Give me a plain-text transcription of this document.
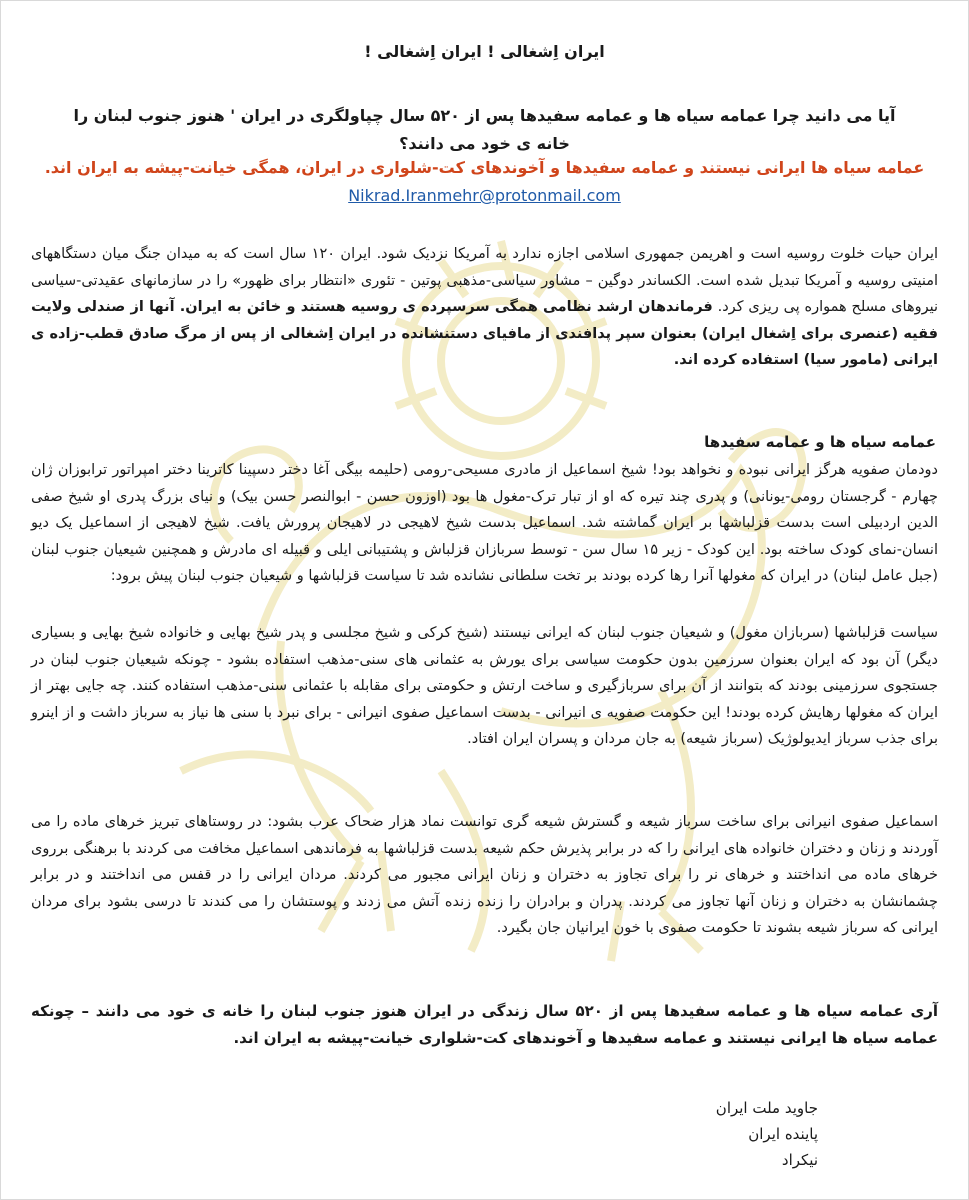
ایران اِشغالی ! ایران اِشغالی !
آیا می دانید چرا عمامه سیاه ها و عمامه سفیدها پس از ۵۲۰ سال چپاولگری در ایران ' هنوز جنوب لبنان را خانه ی خود می دانند؟
عمامه سیاه ها ایرانی نیستند و عمامه سفیدها و آخوندهای کت-شلواری در ایران، همگی خیانت-پیشه به ایران اند.
Nikrad.Iranmehr@protonmail.com
ایران حیات خلوت روسیه است و اهریمن جمهوری اسلامی اجازه ندارد به آمریکا نزدیک شود. ایران ۱۲۰ سال است که به میدان جنگ میان دستگاههای امنیتی روسیه و آمریکا تبدیل شده است. الکساندر دوگین – مشاور سیاسی-مذهبی پوتین - تئوری «انتظار برای ظهور» را در سازمانهای عقیدتی-سیاسی نیروهای مسلح همواره پی ریزی کرد. فرماندهان ارشد نظامی همگی سرسپرده ی روسیه هستند و خائن به ایران. آنها از صندلی ولایت فقیه (عنصری برای اِشغال ایران) بعنوان سپر پدافندی از مافیای دستنشانده در ایران اِشغالی از پس از مرگ صادق قطب-زاده ی ایرانی (مامور سیا) استفاده کرده اند.
عمامه سیاه ها و عمامه سفیدها
دودمان صفویه هرگز ایرانی نبوده و نخواهد بود! شیخ اسماعیل از مادری مسیحی-رومی (حلیمه بیگی آغا دختر دسپینا کاترینا دختر امپراتور ترابوزان ژان چهارم - گرجستان رومی-یونانی) و پدری چند تیره که او از تبار ترک-مغول ها بود (اوزون حسن - ابوالنصر حسن بیک) و نیای بزرگ پدری او شیخ صفی الدین اردبیلی است بدست قزلباشها بر ایران گماشته شد. اسماعیل بدست شیخ لاهیجی در لاهیجان پرورش یافت. شیخ لاهیجی از اسماعیل یک دیو انسان-نمای کودک ساخته بود. این کودک - زیر ۱۵ سال سن - توسط سربازان قزلباش و پشتیبانی ایلی و قبیله ای مادرش و همچنین شیعیان جنوب لبنان (جبل عامل لبنان) در ایران که مغولها آنرا رها کرده بودند بر تخت سلطانی نشانده شد تا سیاست قزلباشها و شیعیان جنوب لبنان پیش برود:
سیاست قزلباشها (سربازان مغول) و شیعیان جنوب لبنان که ایرانی نیستند (شیخ کرکی و شیخ مجلسی و پدر شیخ بهایی و خانواده شیخ بهایی و بسیاری دیگر) آن بود که ایران بعنوان سرزمین بدون حکومت سیاسی برای یورش به عثمانی های سنی-مذهب استفاده بشود - چونکه شیعیان جنوب لبنان در جستجوی سرزمینی بودند که بتوانند از آن برای سربازگیری و ساخت ارتش و حکومتی برای مقابله با عثمانی سنی-مذهب استفاده کنند. چه جایی بهتر از ایران که مغولها رهایش کرده بودند! این حکومت صفویه ی انیرانی - بدست اسماعیل صفوی انیرانی - برای نبرد با سنی ها نیاز به سرباز داشت و از اینرو برای جذب سرباز ایدیولوژیک (سرباز شیعه) به جان مردان و پسران ایران افتاد.
اسماعیل صفوی انیرانی برای ساخت سرباز شیعه و گسترش شیعه گری توانست نماد هزار ضحاک عرب بشود: در روستاهای تبریز خرهای ماده را می آوردند و زنان و دختران خانواده های ایرانی را که در برابر پذیرش حکم شیعه بدست قزلباشها به فرماندهی اسماعیل مخافت می کردند با برهنگی برروی خرهای ماده می انداختند و خرهای نر را برای تجاوز به دختران و زنان ایرانی مجبور می کردند. مردان ایرانی را در قفس می انداختند و در برابر چشمانشان به دختران و زنان آنها تجاوز می کردند. پدران و برادران را زنده زنده آتش می زدند و پوستشان را می کندند تا درسی بشود برای مردان ایرانی که سرباز شیعه بشوند تا حکومت صفوی با خون ایرانیان جان بگیرد.
آری عمامه سیاه ها و عمامه سفیدها پس از ۵۲۰ سال زندگی در ایران هنوز جنوب لبنان را خانه ی خود می دانند – چونکه عمامه سیاه ها ایرانی نیستند و عمامه سفیدها و آخوندهای کت-شلواری خیانت-پیشه به ایران اند.
جاوید ملت ایران
پاینده ایران
نیکراد
